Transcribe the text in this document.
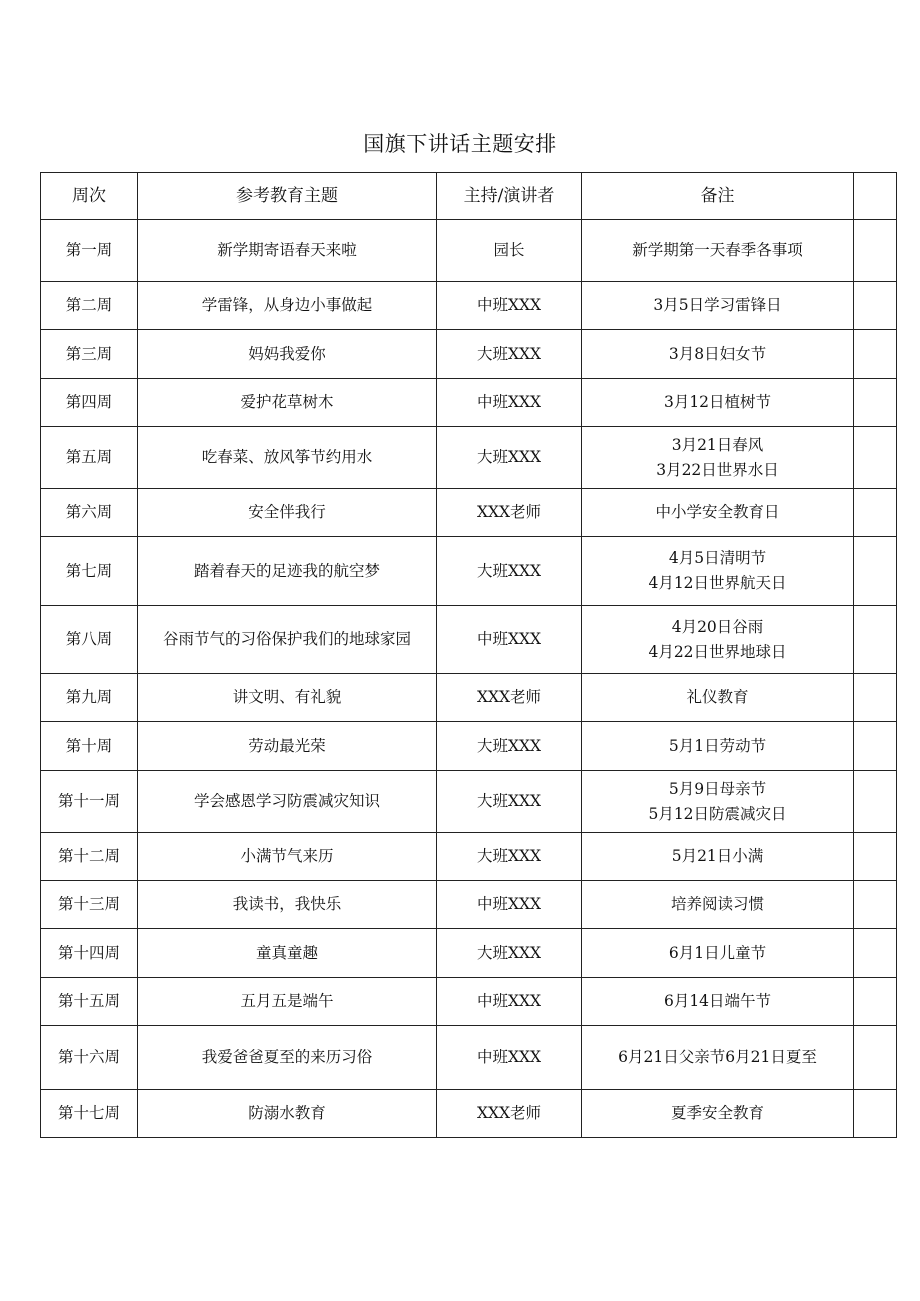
国旗下讲话主题安排
周次	参考教育主题	主持/演讲者	备注	
第一周	新学期寄语春天来啦	园长	新学期第一天春季各事项	

第二周	学雷锋，从身边小事做起	中班XXX	3月5日学习雷锋日	

第三周	妈妈我爱你	大班XXX	3月8日妇女节	

第四周	爱护花草树木	中班XXX	3月12日植树节	

第五周	吃春菜、放风筝节约用水	大班XXX	3月21日春风
3月22日世界水日	

第六周	安全伴我行	XXX老师	中小学安全教育日	

第七周	踏着春天的足迹我的航空梦	大班XXX	4月5日清明节
4月12日世界航天日	

第八周	谷雨节气的习俗保护我们的地球家园	中班XXX	4月20日谷雨
4月22日世界地球日	

第九周	讲文明、有礼貌	XXX老师	礼仪教育	

第十周	劳动最光荣	大班XXX	5月1日劳动节	

第十一周	学会感恩学习防震减灾知识	大班XXX	5月9日母亲节
5月12日防震减灾日	

第十二周	小满节气来历	大班XXX	5月21日小满	

第十三周	我读书，我快乐	中班XXX	培养阅读习惯	

第十四周	童真童趣	大班XXX	6月1日儿童节	

第十五周	五月五是端午	中班XXX	6月14日端午节	

第十六周	我爱爸爸夏至的来历习俗	中班XXX	6月21日父亲节6月21日夏至	

第十七周	防溺水教育	XXX老师	夏季安全教育	
